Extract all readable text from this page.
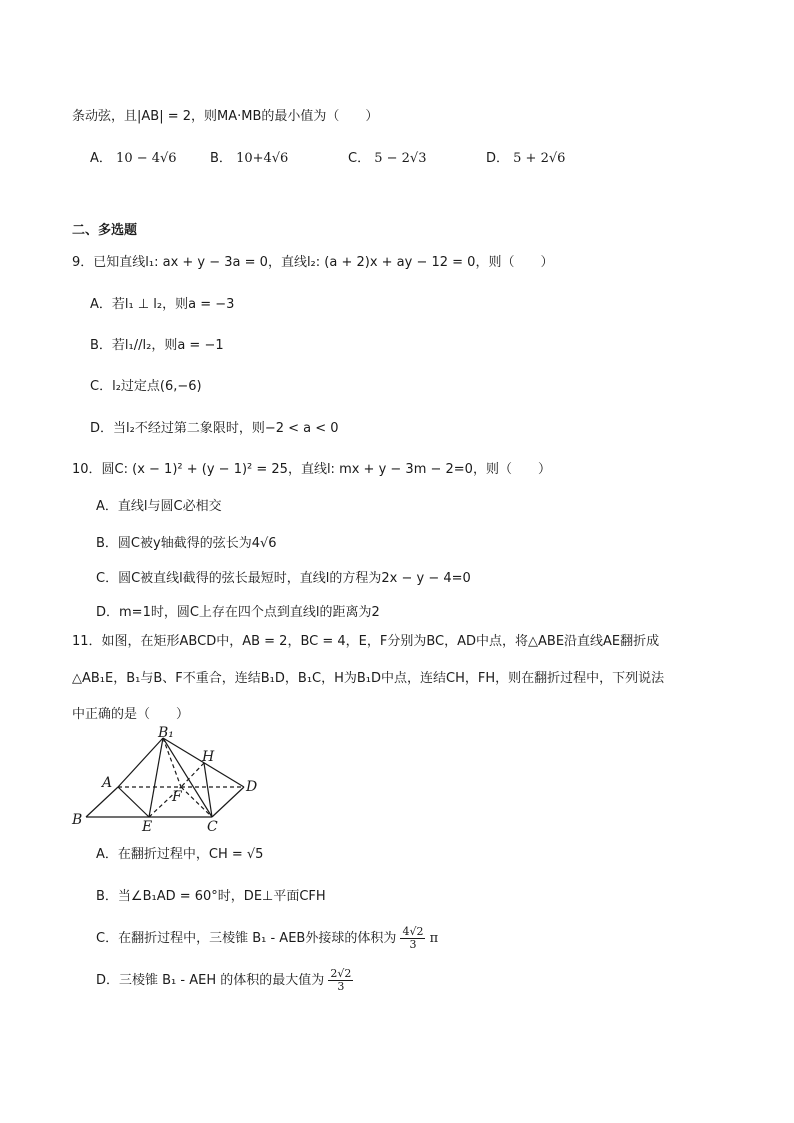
条动弦，且|AB| = 2，则MA·MB的最小值为（　　）
A． 10 − 4√6	B． 10+4√6	C． 5 − 2√3	D． 5 + 2√6
二、多选题
9．已知直线l₁: ax + y − 3a = 0，直线l₂: (a + 2)x + ay − 12 = 0，则（　　）
A．若l₁ ⊥ l₂，则a = −3
B．若l₁//l₂，则a = −1
C．l₂过定点(6,−6)
D．当l₂不经过第二象限时，则−2 < a < 0
10．圆C: (x − 1)² + (y − 1)² = 25，直线l: mx + y − 3m − 2=0，则（　　）
A．直线l与圆C必相交
B．圆C被y轴截得的弦长为4√6
C．圆C被直线l截得的弦长最短时，直线l的方程为2x − y − 4=0
D．m=1时，圆C上存在四个点到直线l的距离为2
11．如图，在矩形ABCD中，AB = 2，BC = 4，E，F分别为BC，AD中点，将△ABE沿直线AE翻折成
△AB₁E，B₁与B、F不重合，连结B₁D，B₁C，H为B₁D中点，连结CH，FH，则在翻折过程中，下列说法
中正确的是（　　）
B₁
H
A	D
F
B	E	C
A．在翻折过程中，CH = √5
B．当∠B₁AD = 60°时，DE⊥平面CFH
C．在翻折过程中，三棱锥 B₁ - AEB外接球的体积为 $\frac{4√2}{3}$ π
D．三棱锥 B₁ - AEH 的体积的最大值为 $\frac{2√2}{3}$
